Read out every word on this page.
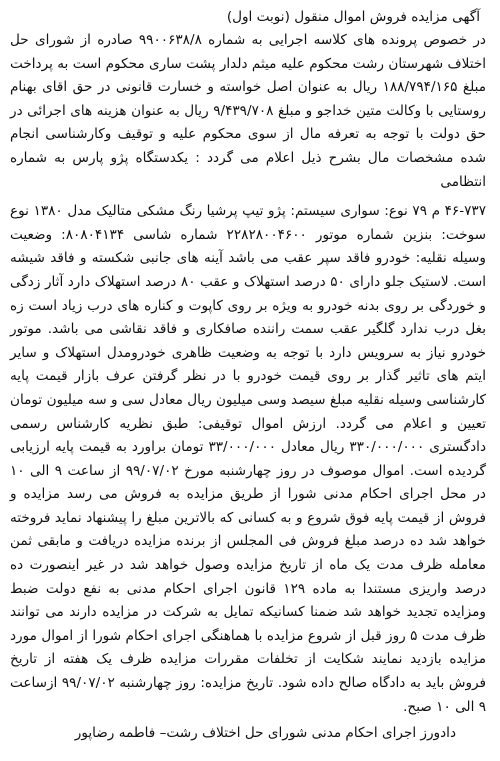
آگهی مزایده فروش اموال منقول (نوبت اول)

در خصوص پرونده های کلاسه اجرایی به شماره ۹۹۰۰۶۳۸/۸ صادره از شورای حل اختلاف شهرستان رشت محکوم علیه میثم دلدار پشت ساری محکوم است به پرداخت مبلغ ۱۸۸/۷۹۴/۱۶۵ ریال به عنوان اصل خواسته و خسارت قانونی در حق اقای بهنام روستایی با وکالت متین خداجو و مبلغ ۹/۴۳۹/۷۰۸ ریال به عنوان هزینه های اجرائی در حق دولت با توجه به تعرفه مال از سوی محکوم علیه و توقیف وکارشناسی انجام شده مشخصات مال بشرح ذیل اعلام می گردد : یکدستگاه پژو پارس به شماره انتظامی

۴۶-۷۳۷ م ۷۹ نوع: سواری سیستم: پژو تیپ پرشیا رنگ مشکی متالیک مدل ۱۳۸۰ نوع سوخت: بنزین شماره موتور ۲۲۸۲۸۰۰۴۶۰۰ شماره شاسی ۸۰۸۰۴۱۳۴: وضعیت وسیله نقلیه: خودرو فاقد سپر عقب می باشد آینه های جانبی شکسته و فاقد شیشه است. لاستیک جلو دارای ۵۰ درصد استهلاک و عقب ۸۰ درصد استهلاک دارد آثار زدگی و خوردگی بر روی بدنه خودرو به ویژه بر روی کاپوت و کناره های درب زیاد است زه بغل درب ندارد گلگیر عقب سمت راننده صافکاری و فاقد نقاشی می باشد. موتور خودرو نیاز به سرویس دارد با توجه به وضعیت ظاهری خودرومدل استهلاک و سایر ایتم های تاثیر گذار بر روی قیمت خودرو با در نظر گرفتن عرف بازار قیمت پایه کارشناسی وسیله نقلیه مبلغ سیصد وسی میلیون ریال معادل سی و سه میلیون تومان تعیین و اعلام می گردد. ارزش اموال توقیفی: طبق نظریه کارشناس رسمی دادگستری ۳۳۰/۰۰۰/۰۰۰ ریال معادل ۳۳/۰۰۰/۰۰۰ تومان براورد به قیمت پایه ارزیابی گردیده است. اموال موصوف در روز چهارشنبه مورخ ۹۹/۰۷/۰۲ از ساعت ۹ الی ۱۰ در محل اجرای احکام مدنی شورا از طریق مزایده به فروش می رسد مزایده و فروش از قیمت پایه فوق شروع و به کسانی که بالاترین مبلغ را پیشنهاد نماید فروخته خواهد شد ده درصد مبلغ فروش فی المجلس از برنده مزایده دریافت و مابقی ثمن معامله ظرف مدت یک ماه از تاریخ مزایده وصول خواهد شد در غیر اینصورت ده درصد واریزی مستندا به ماده ۱۲۹ قانون اجرای احکام مدنی به نفع دولت ضبط ومزایده تجدید خواهد شد ضمنا کسانیکه تمایل به شرکت در مزایده دارند می توانند ظرف مدت ۵ روز قبل از شروع مزایده با هماهنگی اجرای احکام شورا از اموال مورد مزایده بازدید نمایند شکایت از تخلفات مقررات مزایده ظرف یک هفته از تاریخ فروش باید به دادگاه صالح داده شود. تاریخ مزایده: روز چهارشنبه ۹۹/۰۷/۰۲ ازساعت ۹ الی ۱۰ صبح.

دادورز اجرای احکام مدنی شورای حل اختلاف رشت– فاطمه رضاپور
